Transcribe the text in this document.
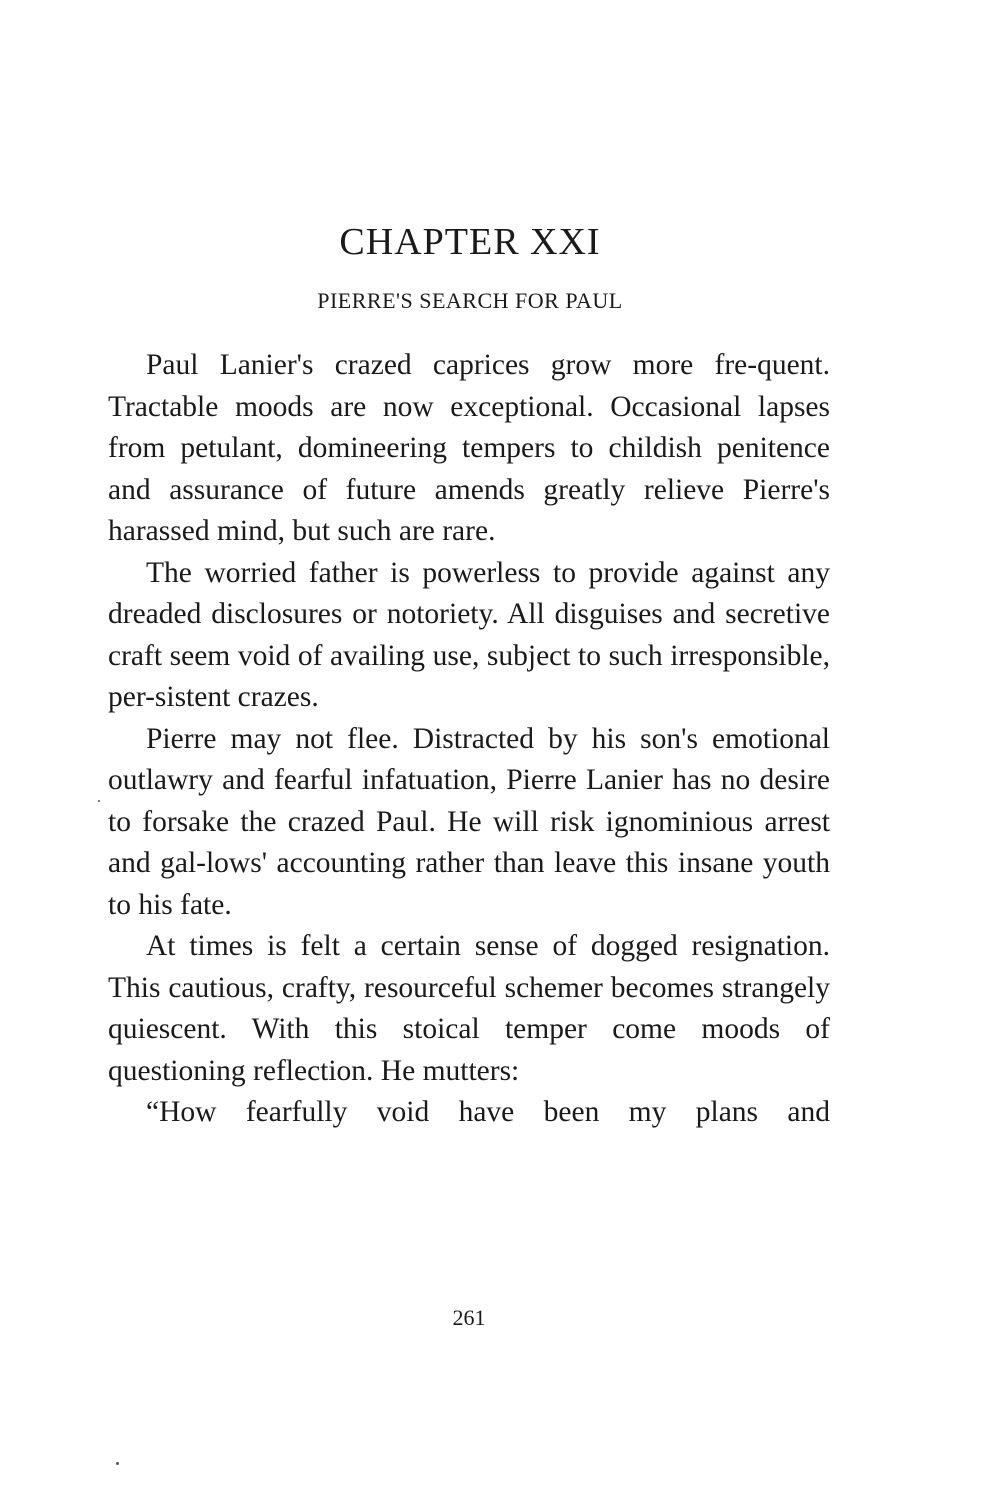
CHAPTER XXI
PIERRE'S SEARCH FOR PAUL

Paul Lanier's crazed caprices grow more fre-quent. Tractable moods are now exceptional. Occasional lapses from petulant, domineering tempers to childish penitence and assurance of future amends greatly relieve Pierre's harassed mind, but such are rare.

The worried father is powerless to provide against any dreaded disclosures or notoriety. All disguises and secretive craft seem void of availing use, subject to such irresponsible, per-sistent crazes.

Pierre may not flee. Distracted by his son's emotional outlawry and fearful infatuation, Pierre Lanier has no desire to forsake the crazed Paul. He will risk ignominious arrest and gal-lows' accounting rather than leave this insane youth to his fate.

At times is felt a certain sense of dogged resignation. This cautious, crafty, resourceful schemer becomes strangely quiescent. With this stoical temper come moods of questioning reflection. He mutters:

“How fearfully void have been my plans and

261
